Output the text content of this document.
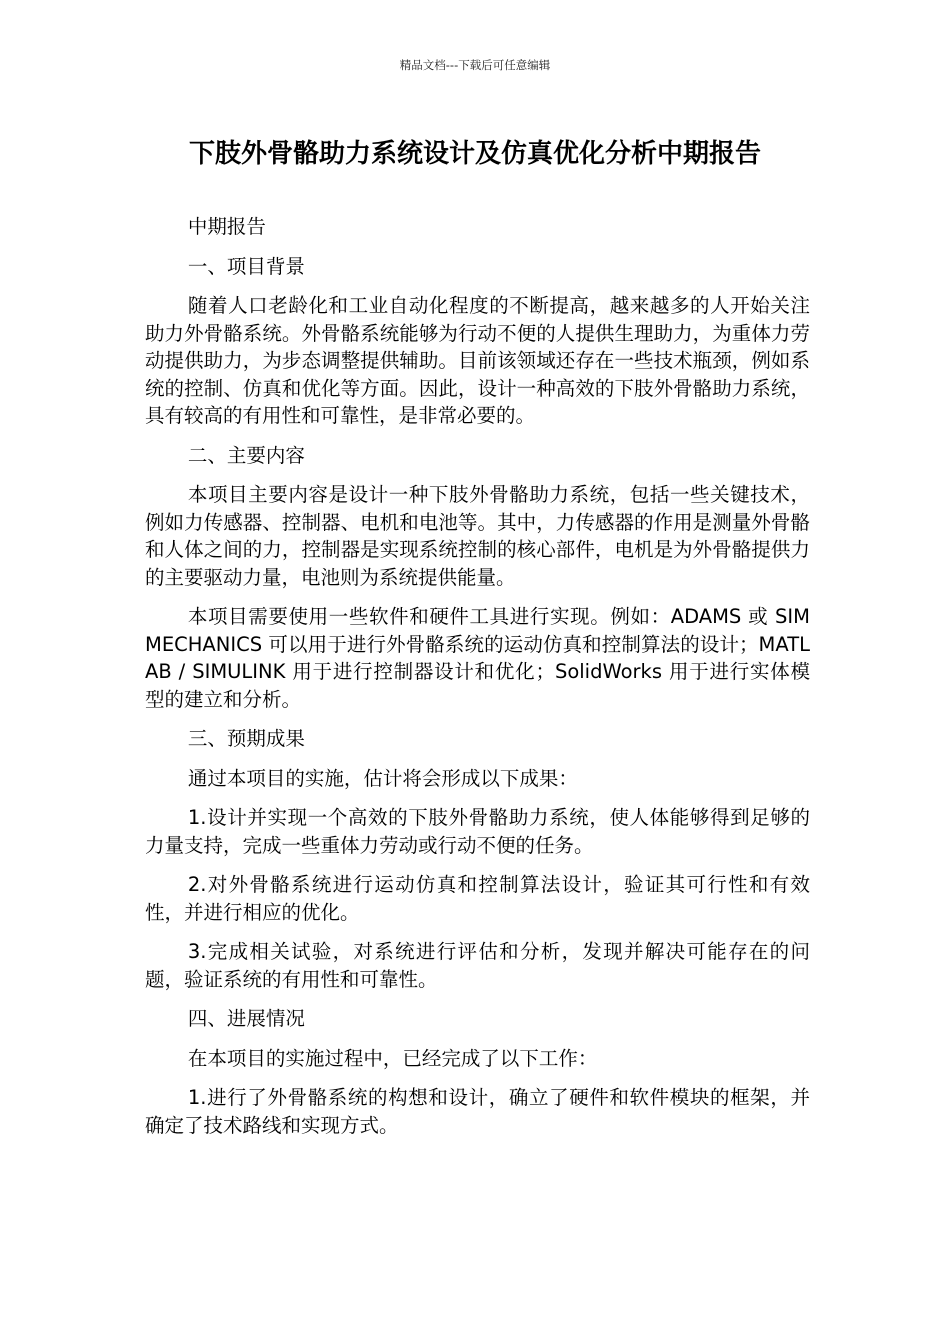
精品文档---下载后可任意编辑
下肢外骨骼助力系统设计及仿真优化分析中期报告

中期报告

一、项目背景

随着人口老龄化和工业自动化程度的不断提高，越来越多的人开始关注助力外骨骼系统。外骨骼系统能够为行动不便的人提供生理助力，为重体力劳动提供助力，为步态调整提供辅助。目前该领域还存在一些技术瓶颈，例如系统的控制、仿真和优化等方面。因此，设计一种高效的下肢外骨骼助力系统，具有较高的有用性和可靠性，是非常必要的。

二、主要内容

本项目主要内容是设计一种下肢外骨骼助力系统，包括一些关键技术，例如力传感器、控制器、电机和电池等。其中，力传感器的作用是测量外骨骼和人体之间的力，控制器是实现系统控制的核心部件，电机是为外骨骼提供力的主要驱动力量，电池则为系统提供能量。

本项目需要使用一些软件和硬件工具进行实现。例如：ADAMS 或 SIMMECHANICS 可以用于进行外骨骼系统的运动仿真和控制算法的设计；MATLAB / SIMULINK 用于进行控制器设计和优化；SolidWorks 用于进行实体模型的建立和分析。

三、预期成果

通过本项目的实施，估计将会形成以下成果：

1.设计并实现一个高效的下肢外骨骼助力系统，使人体能够得到足够的力量支持，完成一些重体力劳动或行动不便的任务。

2.对外骨骼系统进行运动仿真和控制算法设计，验证其可行性和有效性，并进行相应的优化。

3.完成相关试验，对系统进行评估和分析，发现并解决可能存在的问题，验证系统的有用性和可靠性。

四、进展情况

在本项目的实施过程中，已经完成了以下工作：

1.进行了外骨骼系统的构想和设计，确立了硬件和软件模块的框架，并确定了技术路线和实现方式。
